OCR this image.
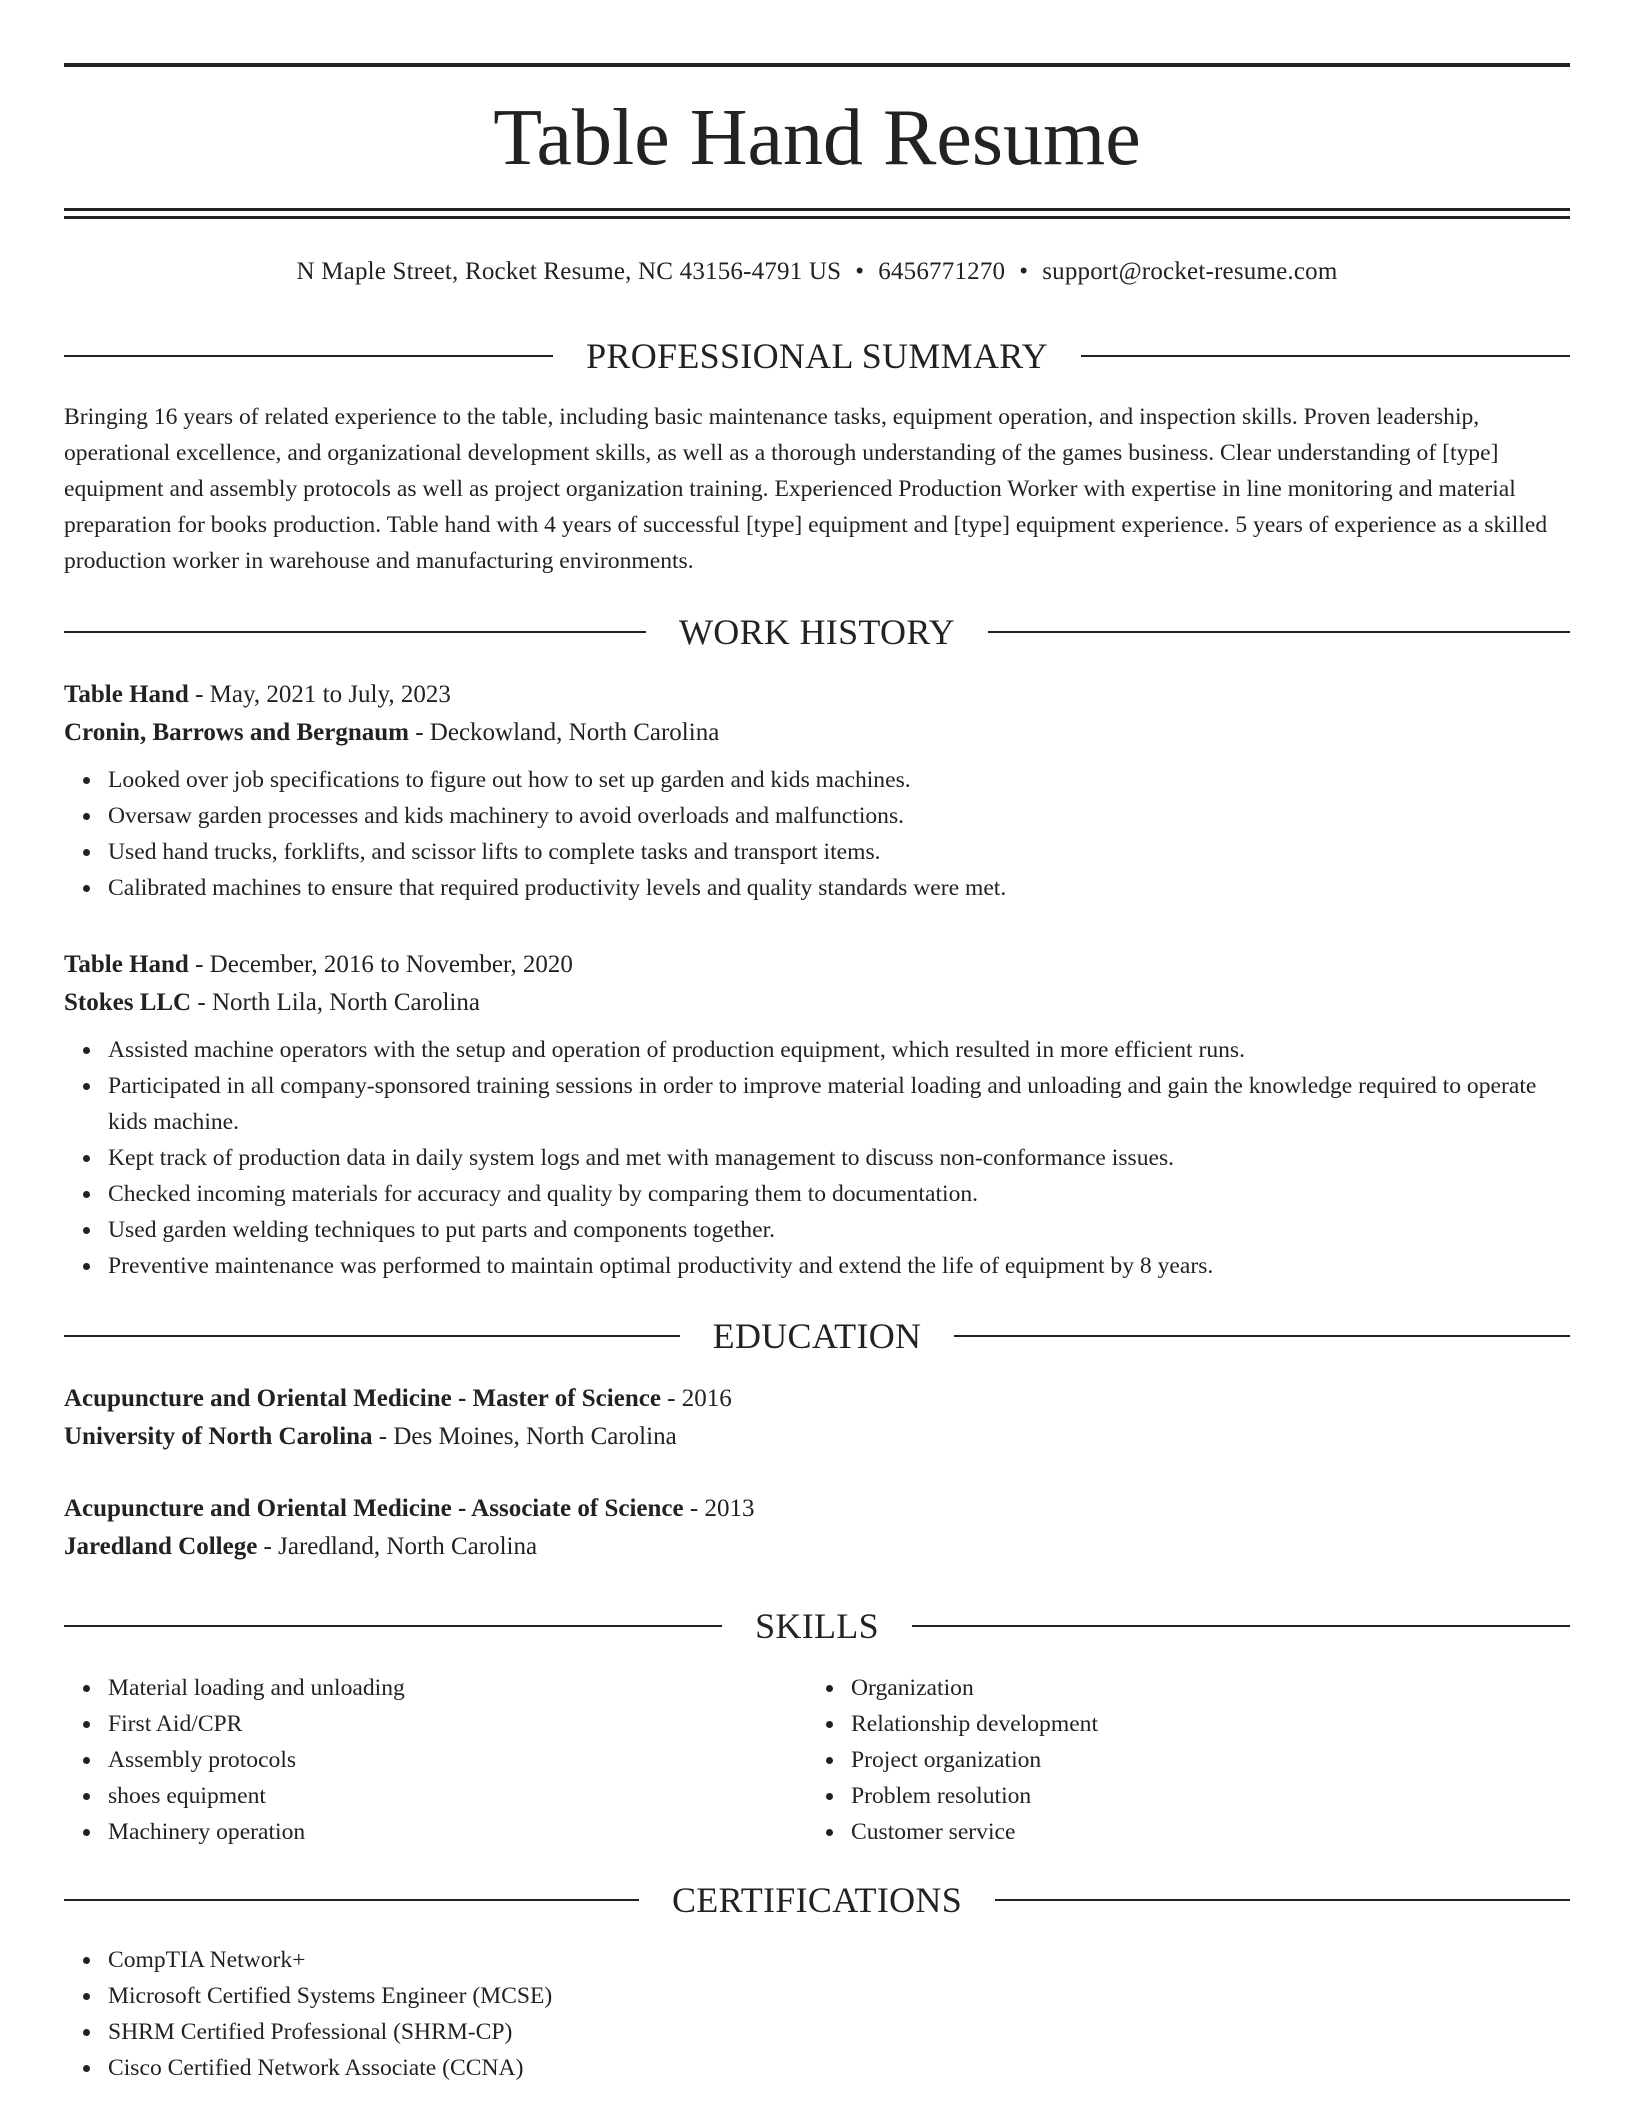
Table Hand Resume
N Maple Street, Rocket Resume, NC 43156-4791 US • 6456771270 • support@rocket-resume.com
PROFESSIONAL SUMMARY

Bringing 16 years of related experience to the table, including basic maintenance tasks, equipment operation, and inspection skills. Proven leadership, operational excellence, and organizational development skills, as well as a thorough understanding of the games business. Clear understanding of [type] equipment and assembly protocols as well as project organization training. Experienced Production Worker with expertise in line monitoring and material preparation for books production. Table hand with 4 years of successful [type] equipment and [type] equipment experience. 5 years of experience as a skilled production worker in warehouse and manufacturing environments.

WORK HISTORY
Table Hand - May, 2021 to July, 2023
Cronin, Barrows and Bergnaum - Deckowland, North Carolina
Looked over job specifications to figure out how to set up garden and kids machines.
Oversaw garden processes and kids machinery to avoid overloads and malfunctions.
Used hand trucks, forklifts, and scissor lifts to complete tasks and transport items.
Calibrated machines to ensure that required productivity levels and quality standards were met.
Table Hand - December, 2016 to November, 2020
Stokes LLC - North Lila, North Carolina
Assisted machine operators with the setup and operation of production equipment, which resulted in more efficient runs.
Participated in all company-sponsored training sessions in order to improve material loading and unloading and gain the knowledge required to operate kids machine.
Kept track of production data in daily system logs and met with management to discuss non-conformance issues.
Checked incoming materials for accuracy and quality by comparing them to documentation.
Used garden welding techniques to put parts and components together.
Preventive maintenance was performed to maintain optimal productivity and extend the life of equipment by 8 years.
EDUCATION
Acupuncture and Oriental Medicine - Master of Science - 2016
University of North Carolina - Des Moines, North Carolina
Acupuncture and Oriental Medicine - Associate of Science - 2013
Jaredland College - Jaredland, North Carolina
SKILLS
Material loading and unloading
First Aid/CPR
Assembly protocols
shoes equipment
Machinery operation
Organization
Relationship development
Project organization
Problem resolution
Customer service
CERTIFICATIONS
CompTIA Network+
Microsoft Certified Systems Engineer (MCSE)
SHRM Certified Professional (SHRM-CP)
Cisco Certified Network Associate (CCNA)
